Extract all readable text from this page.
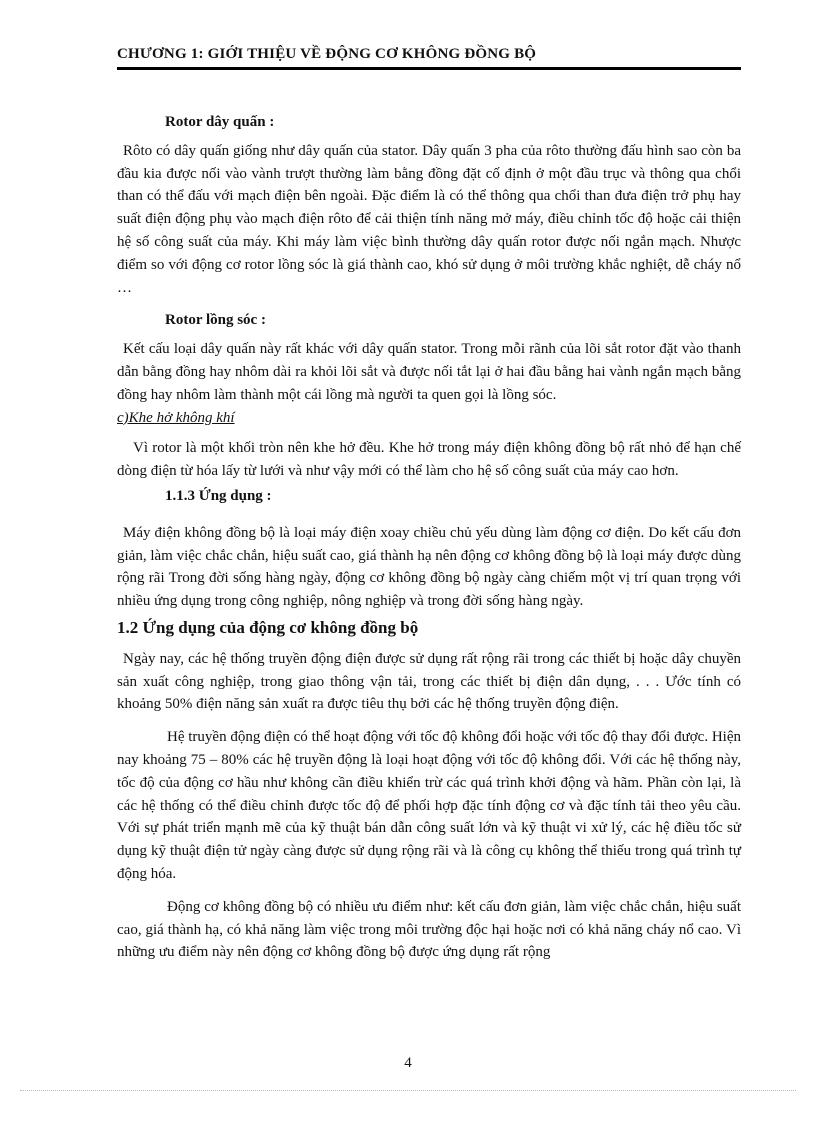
CHƯƠNG 1: GIỚI THIỆU VỀ ĐỘNG CƠ KHÔNG ĐỒNG BỘ

Rotor dây quấn :

Rôto có dây quấn giống như dây quấn của stator. Dây quấn 3 pha của rôto thường đấu hình sao còn ba đầu kia được nối vào vành trượt thường làm bằng đồng đặt cố định ở một đầu trục và thông qua chổi than có thể đấu với mạch điện bên ngoài. Đặc điểm là có thể thông qua chổi than đưa điện trở phụ hay suất điện động phụ vào mạch điện rôto để cải thiện tính năng mở máy, điều chỉnh tốc độ hoặc cải thiện hệ số công suất của máy. Khi máy làm việc bình thường dây quấn rotor được nối ngắn mạch. Nhược điểm so với động cơ rotor lồng sóc là giá thành cao, khó sử dụng ở môi trường khắc nghiệt, dễ cháy nổ …

Rotor lồng sóc :

Kết cấu loại dây quấn này rất khác với dây quấn stator. Trong mỗi rãnh của lõi sắt rotor đặt vào thanh dẫn bằng đồng hay nhôm dài ra khỏi lõi sắt và được nối tắt lại ở hai đầu bằng hai vành ngắn mạch bằng đồng hay nhôm làm thành một cái lồng mà người ta quen gọi là lồng sóc.

c)Khe hở không khí

Vì rotor là một khối tròn nên khe hở đều. Khe hở trong máy điện không đồng bộ rất nhỏ để hạn chế dòng điện từ hóa lấy từ lưới và như vậy mới có thể làm cho hệ số công suất của máy cao hơn.

1.1.3 Ứng dụng :

Máy điện không đồng bộ là loại máy điện xoay chiều chủ yếu dùng làm động cơ điện. Do kết cấu đơn giản, làm việc chắc chắn, hiệu suất cao, giá thành hạ nên động cơ không đồng bộ là loại máy được dùng rộng rãi Trong đời sống hàng ngày, động cơ không đồng bộ ngày càng chiếm một vị trí quan trọng với nhiều ứng dụng trong công nghiệp, nông nghiệp và trong đời sống hàng ngày.

1.2 Ứng dụng của động cơ không đồng bộ

Ngày nay, các hệ thống truyền động điện được sử dụng rất rộng rãi trong các thiết bị hoặc dây chuyền sản xuất công nghiệp, trong giao thông vận tải, trong các thiết bị điện dân dụng, . . . Ước tính có khoảng 50% điện năng sản xuất ra được tiêu thụ bởi các hệ thống truyền động điện.

Hệ truyền động điện có thể hoạt động với tốc độ không đổi hoặc với tốc độ thay đổi được. Hiện nay khoảng 75 – 80% các hệ truyền động là loại hoạt động với tốc độ không đổi. Với các hệ thống này, tốc độ của động cơ hầu như không cần điều khiển trừ các quá trình khởi động và hãm. Phần còn lại, là các hệ thống có thể điều chỉnh được tốc độ để phối hợp đặc tính động cơ và đặc tính tải theo yêu cầu. Với sự phát triển mạnh mẽ của kỹ thuật bán dẫn công suất lớn và kỹ thuật vi xử lý, các hệ điều tốc sử dụng kỹ thuật điện tử ngày càng được sử dụng rộng rãi và là công cụ không thể thiếu trong quá trình tự động hóa.

Động cơ không đồng bộ có nhiều ưu điểm như: kết cấu đơn giản, làm việc chắc chắn, hiệu suất cao, giá thành hạ, có khả năng làm việc trong môi trường độc hại hoặc nơi có khả năng cháy nổ cao. Vì những ưu điểm này nên động cơ không đồng bộ được ứng dụng rất rộng

4
